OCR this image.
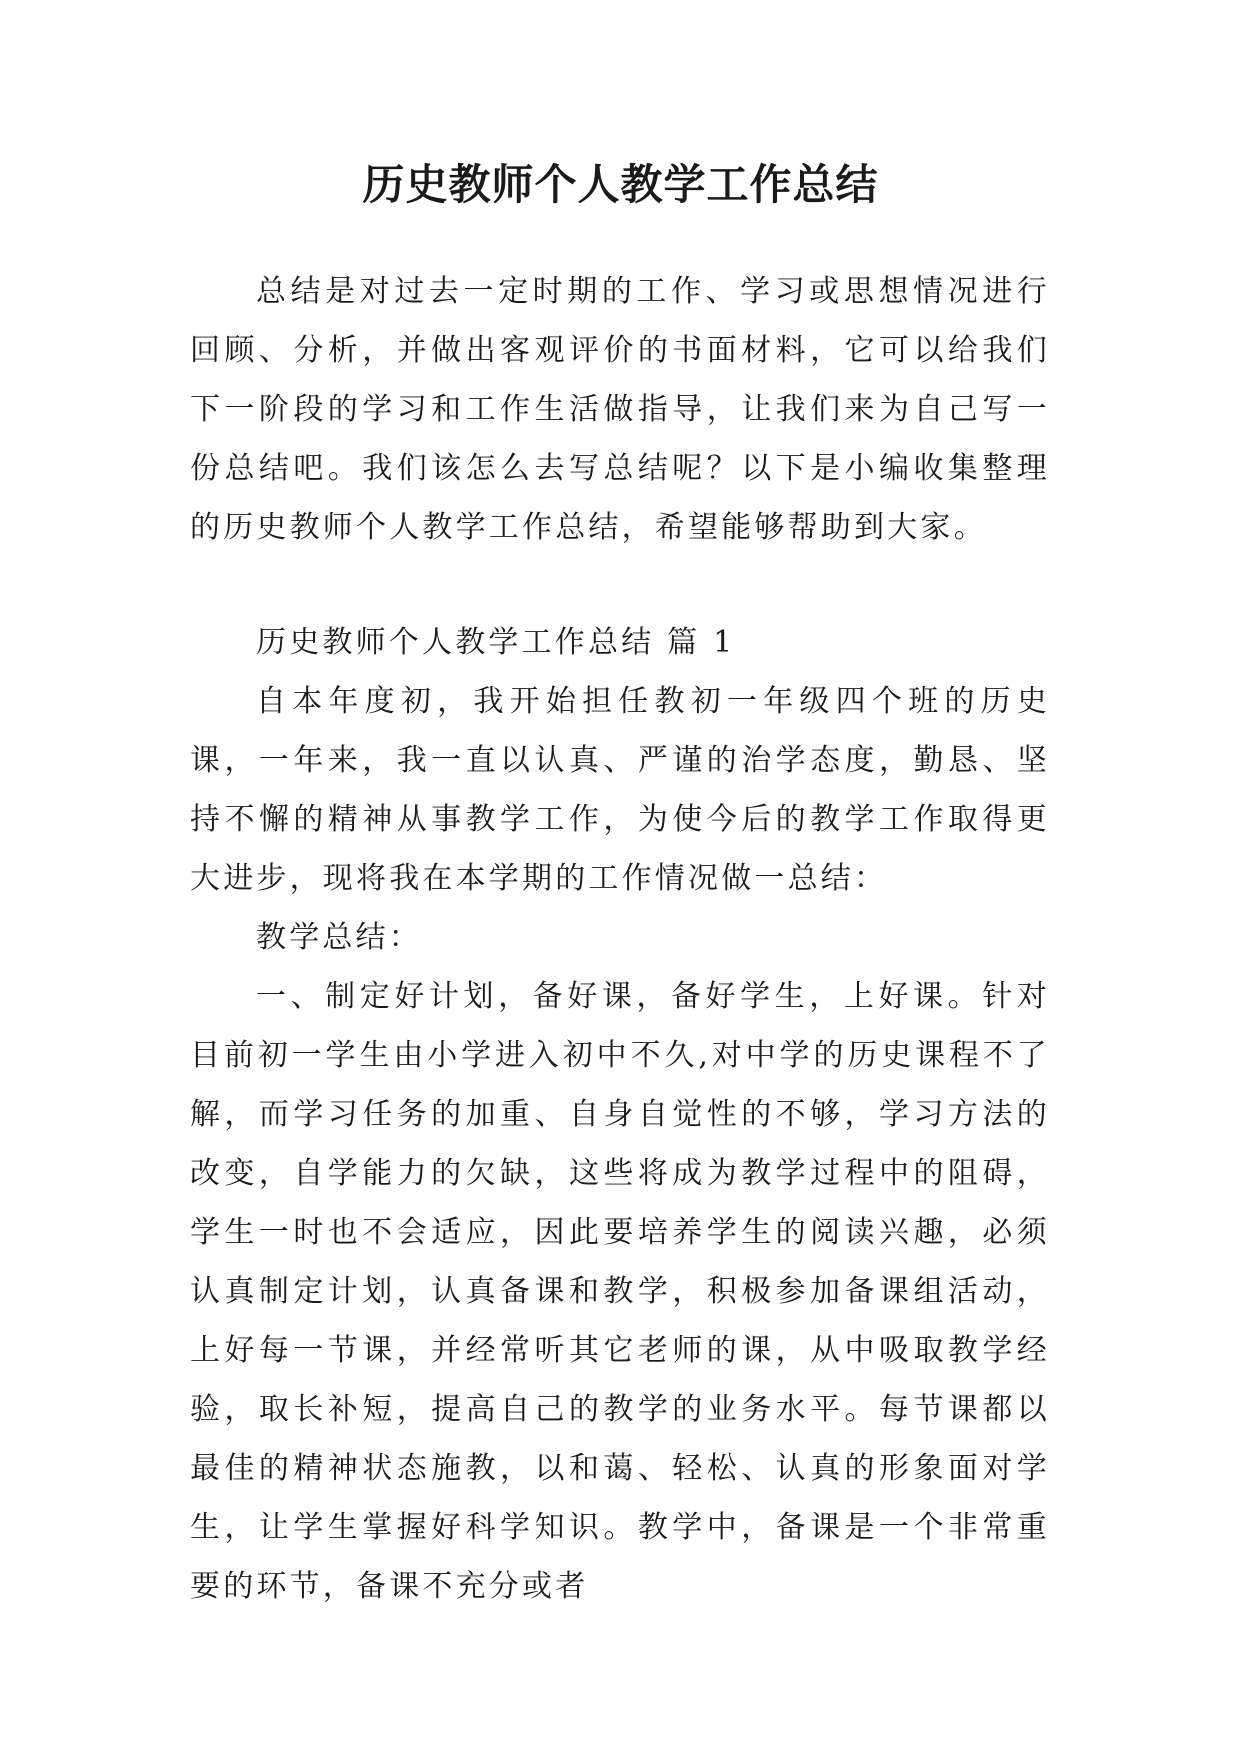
历史教师个人教学工作总结

总结是对过去一定时期的工作、学习或思想情况进行回顾、分析，并做出客观评价的书面材料，它可以给我们下一阶段的学习和工作生活做指导，让我们来为自己写一份总结吧。我们该怎么去写总结呢？以下是小编收集整理的历史教师个人教学工作总结，希望能够帮助到大家。

历史教师个人教学工作总结 篇 1

自本年度初，我开始担任教初一年级四个班的历史课，一年来，我一直以认真、严谨的治学态度，勤恳、坚持不懈的精神从事教学工作，为使今后的教学工作取得更大进步，现将我在本学期的工作情况做一总结：

教学总结：

一、制定好计划，备好课，备好学生，上好课。针对目前初一学生由小学进入初中不久,对中学的历史课程不了解，而学习任务的加重、自身自觉性的不够，学习方法的改变，自学能力的欠缺，这些将成为教学过程中的阻碍，学生一时也不会适应，因此要培养学生的阅读兴趣，必须认真制定计划，认真备课和教学，积极参加备课组活动，上好每一节课，并经常听其它老师的课，从中吸取教学经验，取长补短，提高自己的教学的业务水平。每节课都以最佳的精神状态施教，以和蔼、轻松、认真的形象面对学生，让学生掌握好科学知识。教学中，备课是一个非常重要的环节，备课不充分或者
